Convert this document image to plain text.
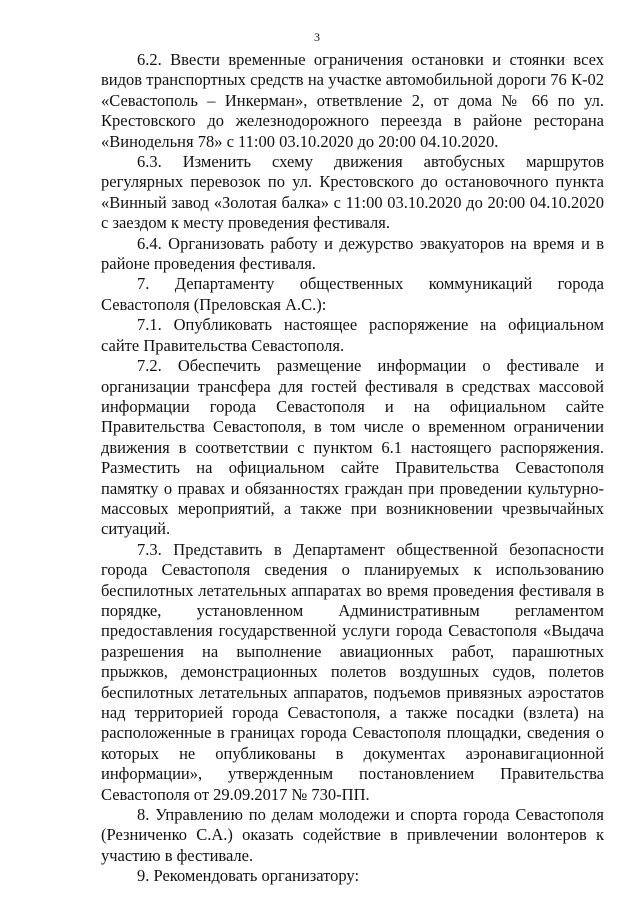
3

6.2. Ввести временные ограничения остановки и стоянки всех видов транспортных средств на участке автомобильной дороги 76 К-02 «Севастополь – Инкерман», ответвление 2, от дома № 66 по ул. Крестовского до железнодорожного переезда в районе ресторана «Винодельня 78» с 11:00 03.10.2020 до 20:00 04.10.2020.

6.3. Изменить схему движения автобусных маршрутов регулярных перевозок по ул. Крестовского до остановочного пункта «Винный завод «Золотая балка» с 11:00 03.10.2020 до 20:00 04.10.2020 с заездом к месту проведения фестиваля.

6.4. Организовать работу и дежурство эвакуаторов на время и в районе проведения фестиваля.

7. Департаменту общественных коммуникаций города Севастополя (Преловская А.С.):

7.1. Опубликовать настоящее распоряжение на официальном сайте Правительства Севастополя.

7.2. Обеспечить размещение информации о фестивале и организации трансфера для гостей фестиваля в средствах массовой информации города Севастополя и на официальном сайте Правительства Севастополя, в том числе о временном ограничении движения в соответствии с пунктом 6.1 настоящего распоряжения. Разместить на официальном сайте Правительства Севастополя памятку о правах и обязанностях граждан при проведении культурно-массовых мероприятий, а также при возникновении чрезвычайных ситуаций.

7.3. Представить в Департамент общественной безопасности города Севастополя сведения о планируемых к использованию беспилотных летательных аппаратах во время проведения фестиваля в порядке, установленном Административным регламентом предоставления государственной услуги города Севастополя «Выдача разрешения на выполнение авиационных работ, парашютных прыжков, демонстрационных полетов воздушных судов, полетов беспилотных летательных аппаратов, подъемов привязных аэростатов над территорией города Севастополя, а также посадки (взлета) на расположенные в границах города Севастополя площадки, сведения о которых не опубликованы в документах аэронавигационной информации», утвержденным постановлением Правительства Севастополя от 29.09.2017 № 730-ПП.

8. Управлению по делам молодежи и спорта города Севастополя (Резниченко С.А.) оказать содействие в привлечении волонтеров к участию в фестивале.

9. Рекомендовать организатору:
